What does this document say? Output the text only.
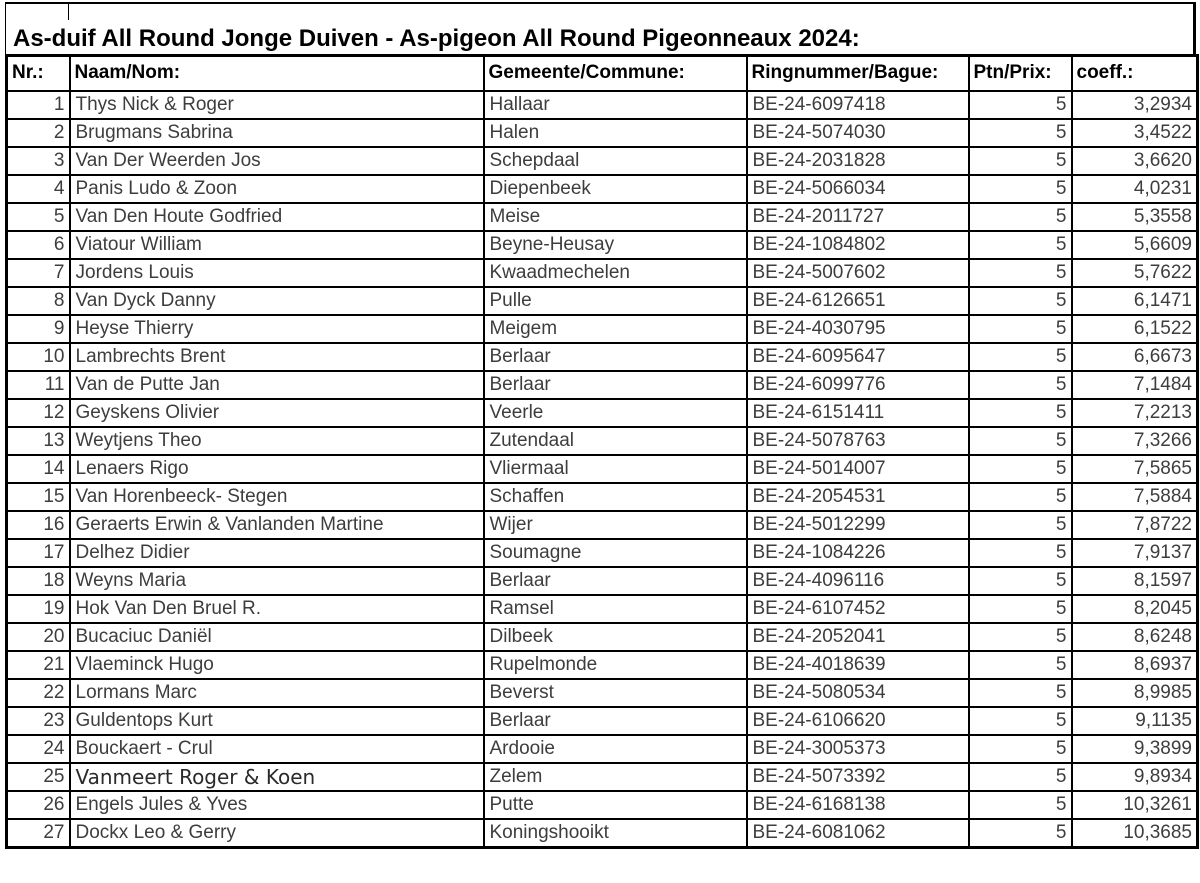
As-duif All Round Jonge Duiven - As-pigeon All Round Pigeonneaux 2024:
Nr.:	Naam/Nom:	Gemeente/Commune:	Ringnummer/Bague:	Ptn/Prix:	coeff.:
1	Thys Nick & Roger	Hallaar	BE-24-6097418	5	3,2934
2	Brugmans Sabrina	Halen	BE-24-5074030	5	3,4522
3	Van Der Weerden Jos	Schepdaal	BE-24-2031828	5	3,6620
4	Panis Ludo & Zoon	Diepenbeek	BE-24-5066034	5	4,0231
5	Van Den Houte Godfried	Meise	BE-24-2011727	5	5,3558
6	Viatour William	Beyne-Heusay	BE-24-1084802	5	5,6609
7	Jordens Louis	Kwaadmechelen	BE-24-5007602	5	5,7622
8	Van Dyck Danny	Pulle	BE-24-6126651	5	6,1471
9	Heyse Thierry	Meigem	BE-24-4030795	5	6,1522
10	Lambrechts Brent	Berlaar	BE-24-6095647	5	6,6673
11	Van de Putte Jan	Berlaar	BE-24-6099776	5	7,1484
12	Geyskens Olivier	Veerle	BE-24-6151411	5	7,2213
13	Weytjens Theo	Zutendaal	BE-24-5078763	5	7,3266
14	Lenaers Rigo	Vliermaal	BE-24-5014007	5	7,5865
15	Van Horenbeeck- Stegen	Schaffen	BE-24-2054531	5	7,5884
16	Geraerts Erwin & Vanlanden Martine	Wijer	BE-24-5012299	5	7,8722
17	Delhez Didier	Soumagne	BE-24-1084226	5	7,9137
18	Weyns Maria	Berlaar	BE-24-4096116	5	8,1597
19	Hok Van Den Bruel R.	Ramsel	BE-24-6107452	5	8,2045
20	Bucaciuc Daniël	Dilbeek	BE-24-2052041	5	8,6248
21	Vlaeminck Hugo	Rupelmonde	BE-24-4018639	5	8,6937
22	Lormans Marc	Beverst	BE-24-5080534	5	8,9985
23	Guldentops Kurt	Berlaar	BE-24-6106620	5	9,1135
24	Bouckaert - Crul	Ardooie	BE-24-3005373	5	9,3899
25	Vanmeert Roger & Koen	Zelem	BE-24-5073392	5	9,8934
26	Engels Jules & Yves	Putte	BE-24-6168138	5	10,3261
27	Dockx Leo & Gerry	Koningshooikt	BE-24-6081062	5	10,3685
